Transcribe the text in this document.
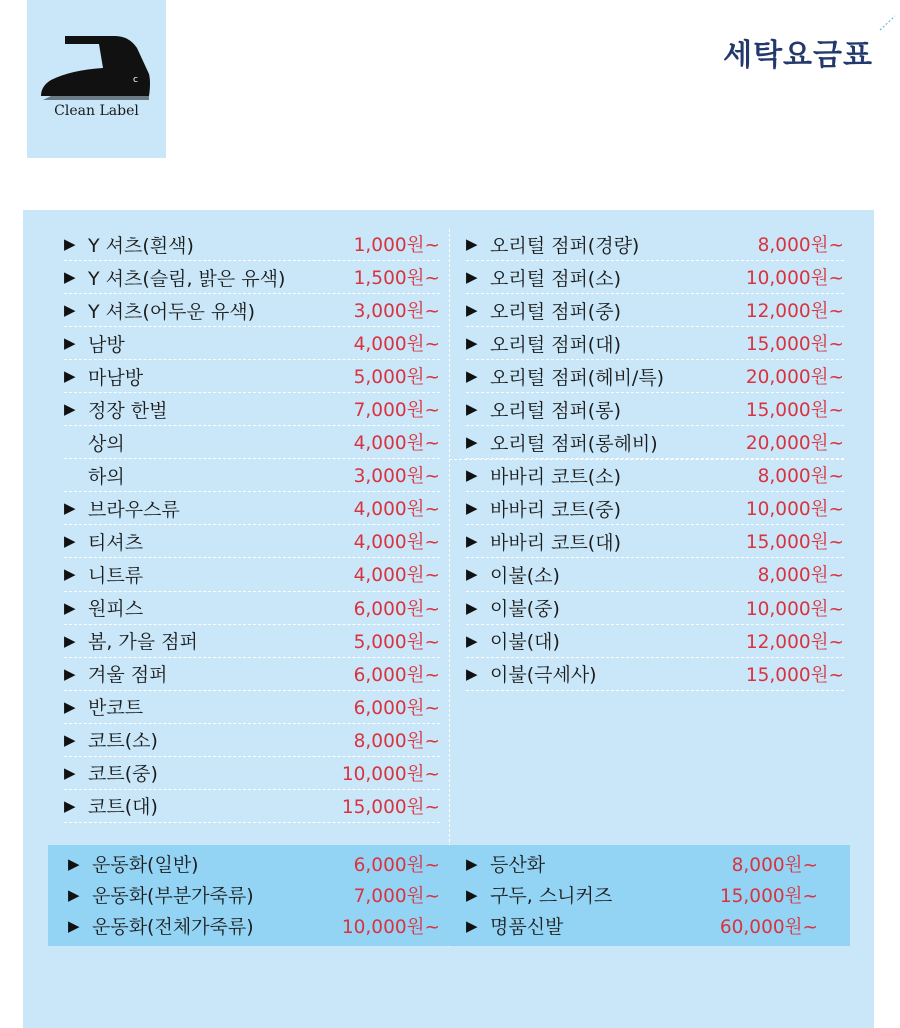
c
Clean Label
세탁요금표
▶ Y 셔츠(흰색)	1,000원~
▶ Y 셔츠(슬림, 밝은 유색)	1,500원~
▶ Y 셔츠(어두운 유색)	3,000원~
▶ 남방	4,000원~
▶ 마남방	5,000원~
▶ 정장 한벌	7,000원~
상의	4,000원~
하의	3,000원~
▶ 브라우스류	4,000원~
▶ 티셔츠	4,000원~
▶ 니트류	4,000원~
▶ 원피스	6,000원~
▶ 봄, 가을 점퍼	5,000원~
▶ 겨울 점퍼	6,000원~
▶ 반코트	6,000원~
▶ 코트(소)	8,000원~
▶ 코트(중)	10,000원~
▶ 코트(대)	15,000원~
▶ 오리털 점퍼(경량)	8,000원~
▶ 오리털 점퍼(소)	10,000원~
▶ 오리털 점퍼(중)	12,000원~
▶ 오리털 점퍼(대)	15,000원~
▶ 오리털 점퍼(헤비/특)	20,000원~
▶ 오리털 점퍼(롱)	15,000원~
▶ 오리털 점퍼(롱헤비)	20,000원~
▶ 바바리 코트(소)	8,000원~
▶ 바바리 코트(중)	10,000원~
▶ 바바리 코트(대)	15,000원~
▶ 이불(소)	8,000원~
▶ 이불(중)	10,000원~
▶ 이불(대)	12,000원~
▶ 이불(극세사)	15,000원~
▶ 운동화(일반)	6,000원~
▶ 운동화(부분가죽류)	7,000원~
▶ 운동화(전체가죽류)	10,000원~
▶ 등산화	8,000원~
▶ 구두, 스니커즈	15,000원~
▶ 명품신발	60,000원~
